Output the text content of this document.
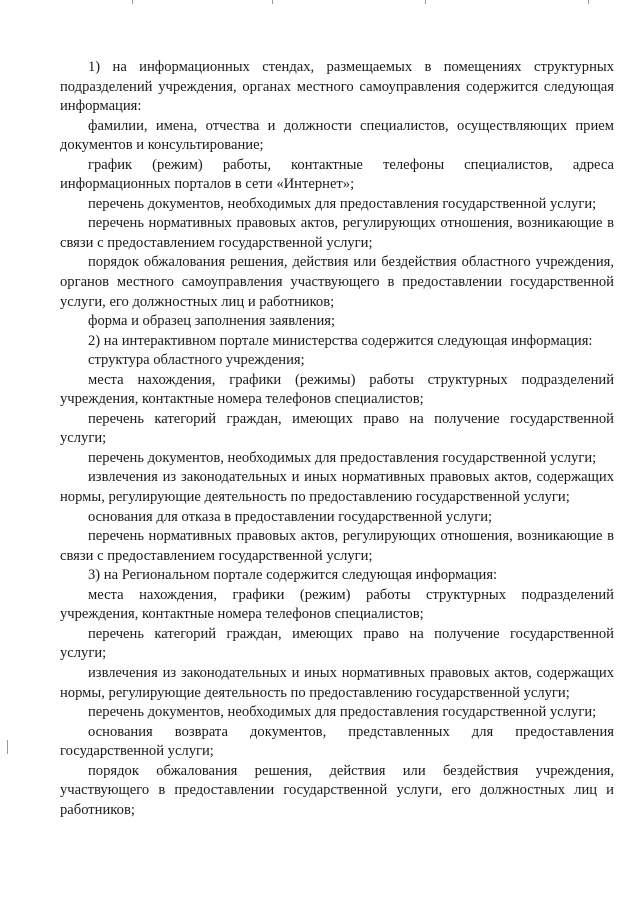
1) на информационных стендах, размещаемых в помещениях структурных подразделений учреждения, органах местного самоуправления содержится следующая информация:

фамилии, имена, отчества и должности специалистов, осуществляющих прием документов и консультирование;

график (режим) работы, контактные телефоны специалистов, адреса информационных порталов в сети «Интернет»;

перечень документов, необходимых для предоставления государственной услуги;

перечень нормативных правовых актов, регулирующих отношения, возникающие в связи с предоставлением государственной услуги;

порядок обжалования решения, действия или бездействия областного учреждения, органов местного самоуправления участвующего в предоставлении государственной услуги, его должностных лиц и работников;

форма и образец заполнения заявления;

2) на интерактивном портале министерства содержится следующая информация:

структура областного учреждения;

места нахождения, графики (режимы) работы структурных подразделений учреждения, контактные номера телефонов специалистов;

перечень категорий граждан, имеющих право на получение государственной услуги;

перечень документов, необходимых для предоставления государственной услуги;

извлечения из законодательных и иных нормативных правовых актов, содержащих нормы, регулирующие деятельность по предоставлению государственной услуги;

основания для отказа в предоставлении государственной услуги;

перечень нормативных правовых актов, регулирующих отношения, возникающие в связи с предоставлением государственной услуги;

3) на Региональном портале содержится следующая информация:

места нахождения, графики (режим) работы структурных подразделений учреждения, контактные номера телефонов специалистов;

перечень категорий граждан, имеющих право на получение государственной услуги;

извлечения из законодательных и иных нормативных правовых актов, содержащих нормы, регулирующие деятельность по предоставлению государственной услуги;

перечень документов, необходимых для предоставления государственной услуги;

основания возврата документов, представленных для предоставления государственной услуги;

порядок обжалования решения, действия или бездействия учреждения, участвующего в предоставлении государственной услуги, его должностных лиц и работников;
